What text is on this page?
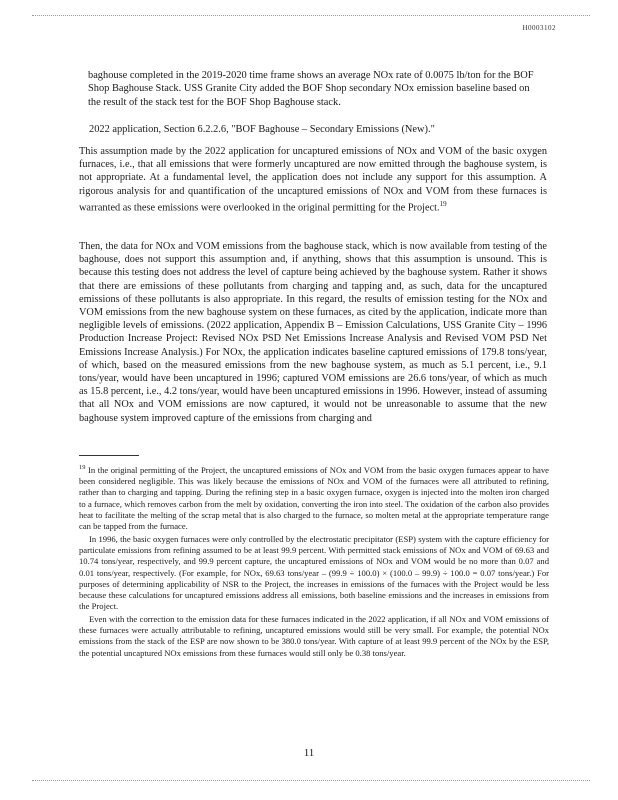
H0003102

baghouse completed in the 2019-2020 time frame shows an average NOx rate of 0.0075 lb/ton for the BOF Shop Baghouse Stack. USS Granite City added the BOF Shop secondary NOx emission baseline based on the result of the stack test for the BOF Shop Baghouse stack.

2022 application, Section 6.2.2.6, "BOF Baghouse – Secondary Emissions (New)."

This assumption made by the 2022 application for uncaptured emissions of NOx and VOM of the basic oxygen furnaces, i.e., that all emissions that were formerly uncaptured are now emitted through the baghouse system, is not appropriate. At a fundamental level, the application does not include any support for this assumption. A rigorous analysis for and quantification of the uncaptured emissions of NOx and VOM from these furnaces is warranted as these emissions were overlooked in the original permitting for the Project.$^{19}$

Then, the data for NOx and VOM emissions from the baghouse stack, which is now available from testing of the baghouse, does not support this assumption and, if anything, shows that this assumption is unsound. This is because this testing does not address the level of capture being achieved by the baghouse system. Rather it shows that there are emissions of these pollutants from charging and tapping and, as such, data for the uncaptured emissions of these pollutants is also appropriate. In this regard, the results of emission testing for the NOx and VOM emissions from the new baghouse system on these furnaces, as cited by the application, indicate more than negligible levels of emissions. (2022 application, Appendix B – Emission Calculations, USS Granite City – 1996 Production Increase Project: Revised NOx PSD Net Emissions Increase Analysis and Revised VOM PSD Net Emissions Increase Analysis.) For NOx, the application indicates baseline captured emissions of 179.8 tons/year, of which, based on the measured emissions from the new baghouse system, as much as 5.1 percent, i.e., 9.1 tons/year, would have been uncaptured in 1996; captured VOM emissions are 26.6 tons/year, of which as much as 15.8 percent, i.e., 4.2 tons/year, would have been uncaptured emissions in 1996. However, instead of assuming that all NOx and VOM emissions are now captured, it would not be unreasonable to assume that the new baghouse system improved capture of the emissions from charging and

$^{19}$ In the original permitting of the Project, the uncaptured emissions of NOx and VOM from the basic oxygen furnaces appear to have been considered negligible. This was likely because the emissions of NOx and VOM of the furnaces were all attributed to refining, rather than to charging and tapping. During the refining step in a basic oxygen furnace, oxygen is injected into the molten iron charged to a furnace, which removes carbon from the melt by oxidation, converting the iron into steel. The oxidation of the carbon also provides heat to facilitate the melting of the scrap metal that is also charged to the furnace, so molten metal at the appropriate temperature range can be tapped from the furnace.

In 1996, the basic oxygen furnaces were only controlled by the electrostatic precipitator (ESP) system with the capture efficiency for particulate emissions from refining assumed to be at least 99.9 percent. With permitted stack emissions of NOx and VOM of 69.63 and 10.74 tons/year, respectively, and 99.9 percent capture, the uncaptured emissions of NOx and VOM would be no more than 0.07 and 0.01 tons/year, respectively. (For example, for NOx, 69.63 tons/year – (99.9 ÷ 100.0) × (100.0 – 99.9) ÷ 100.0 = 0.07 tons/year.) For purposes of determining applicability of NSR to the Project, the increases in emissions of the furnaces with the Project would be less because these calculations for uncaptured emissions address all emissions, both baseline emissions and the increases in emissions from the Project.

Even with the correction to the emission data for these furnaces indicated in the 2022 application, if all NOx and VOM emissions of these furnaces were actually attributable to refining, uncaptured emissions would still be very small. For example, the potential NOx emissions from the stack of the ESP are now shown to be 380.0 tons/year. With capture of at least 99.9 percent of the NOx by the ESP, the potential uncaptured NOx emissions from these furnaces would still only be 0.38 tons/year.

11
